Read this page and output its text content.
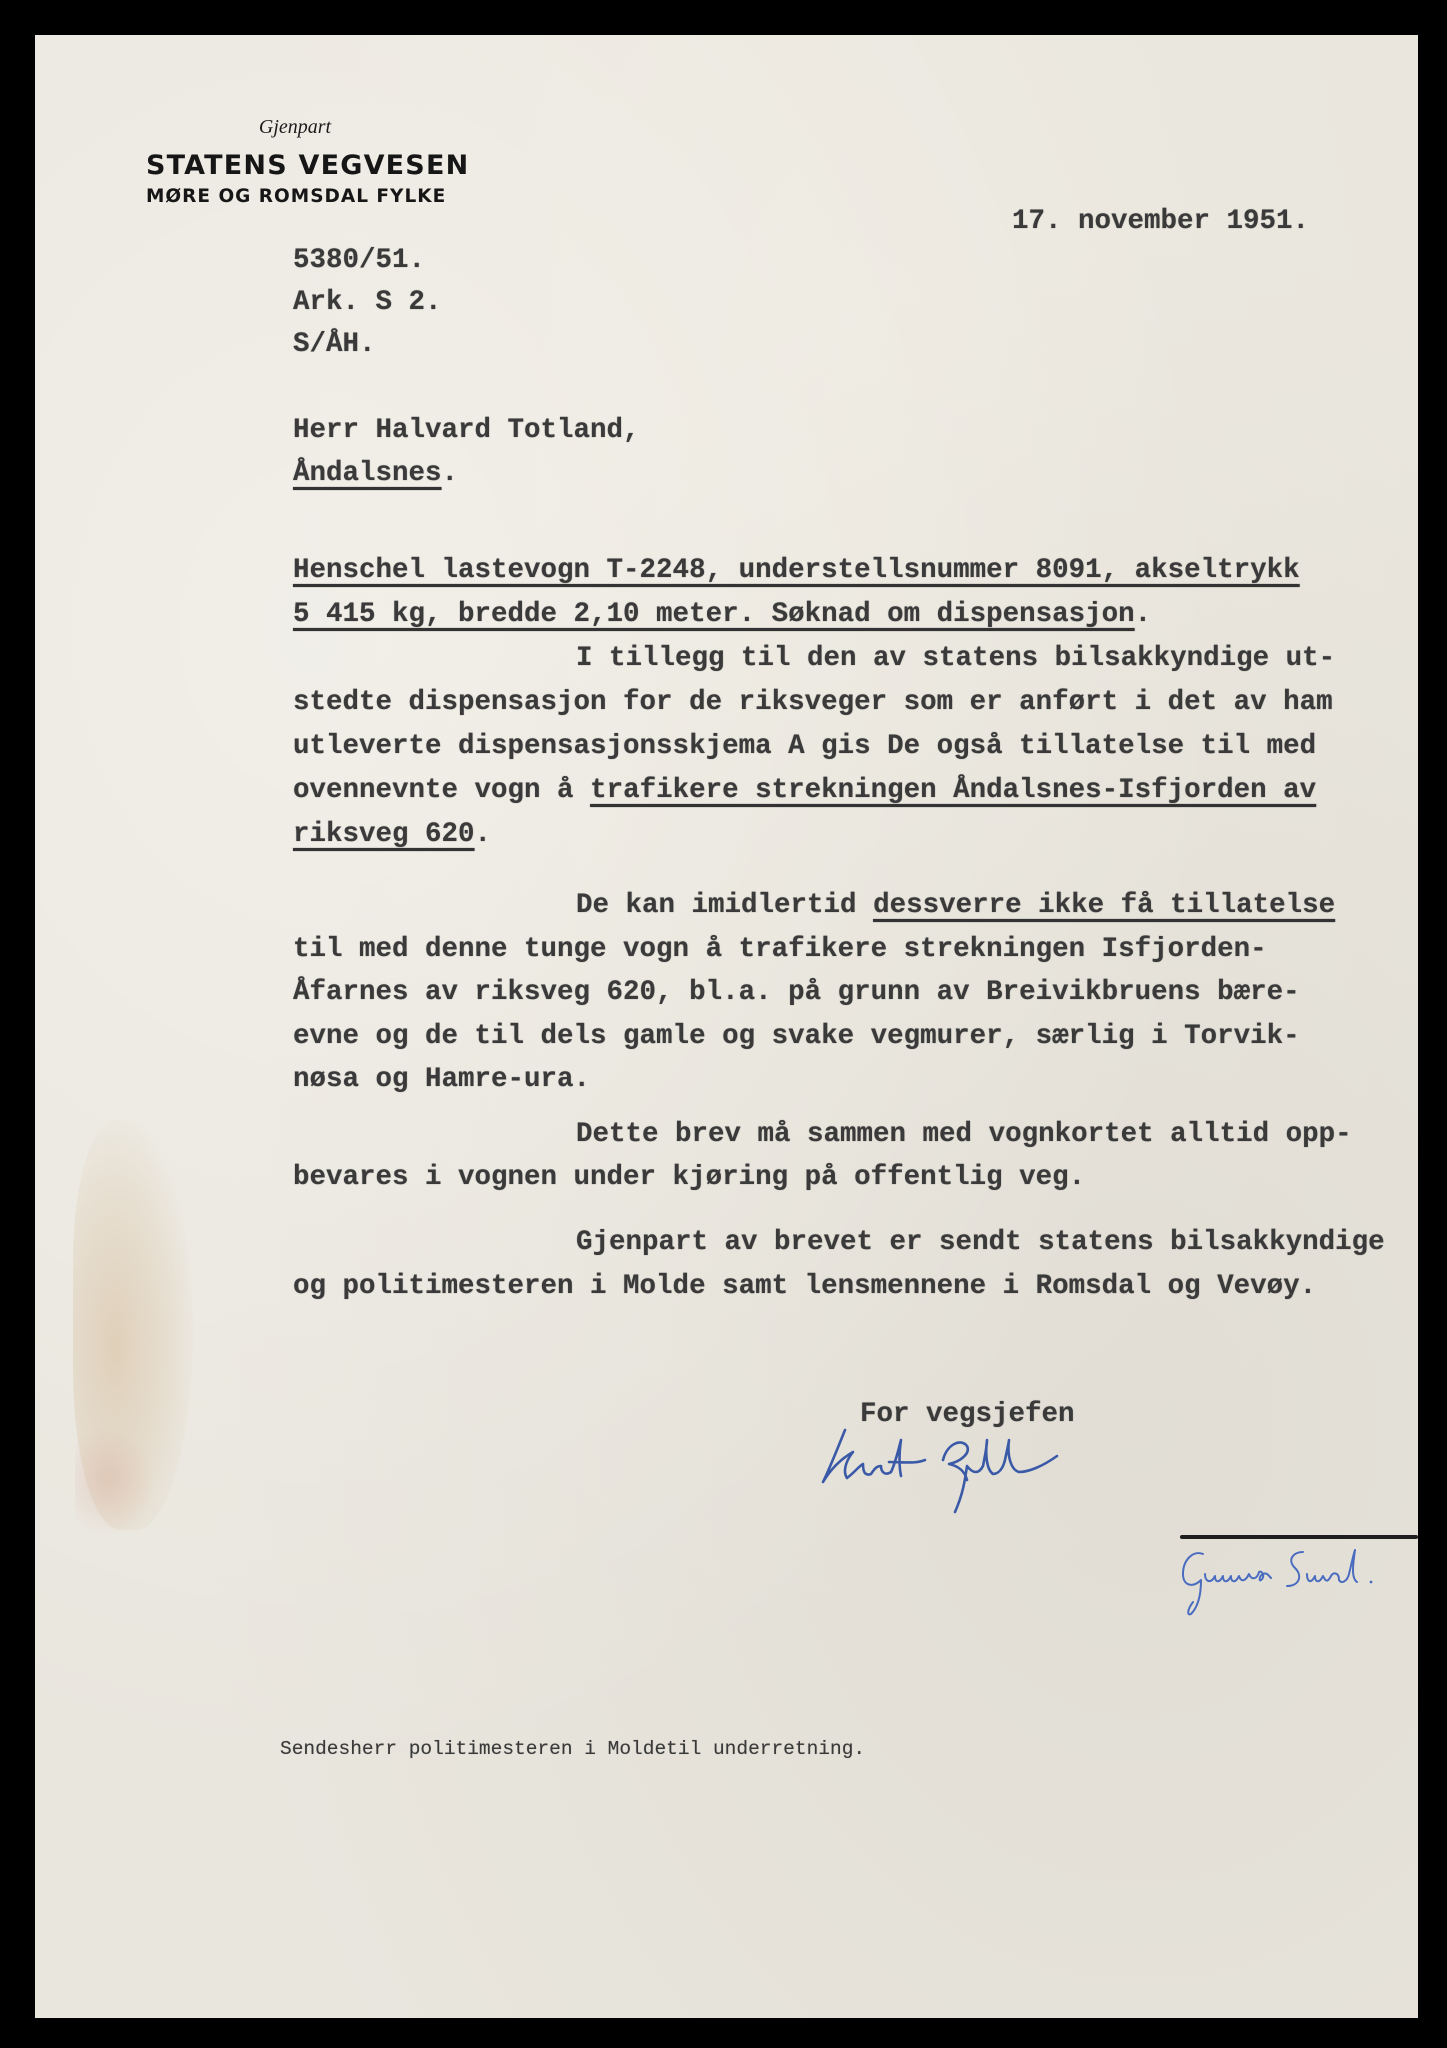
Gjenpart
STATENS VEGVESEN
MØRE OG ROMSDAL FYLKE
17. november 1951.
5380/51.
Ark. S 2.
S/ÅH.
Herr Halvard Totland,
Åndalsnes.
Henschel lastevogn T-2248, understellsnummer 8091, akseltrykk
5 415 kg, bredde 2,10 meter. Søknad om dispensasjon.
I tillegg til den av statens bilsakkyndige ut-
stedte dispensasjon for de riksveger som er anført i det av ham
utleverte dispensasjonsskjema A gis De også tillatelse til med
ovennevnte vogn å trafikere strekningen Åndalsnes-Isfjorden av
riksveg 620.
De kan imidlertid dessverre ikke få tillatelse
til med denne tunge vogn å trafikere strekningen Isfjorden-
Åfarnes av riksveg 620, bl.a. på grunn av Breivikbruens bære-
evne og de til dels gamle og svake vegmurer, særlig i Torvik-
nøsa og Hamre-ura.
Dette brev må sammen med vognkortet alltid opp-
bevares i vognen under kjøring på offentlig veg.
Gjenpart av brevet er sendt statens bilsakkyndige
og politimesteren i Molde samt lensmennene i Romsdal og Vevøy.
For vegsjefen
Sendesherr politimesteren i Moldetil underretning.
